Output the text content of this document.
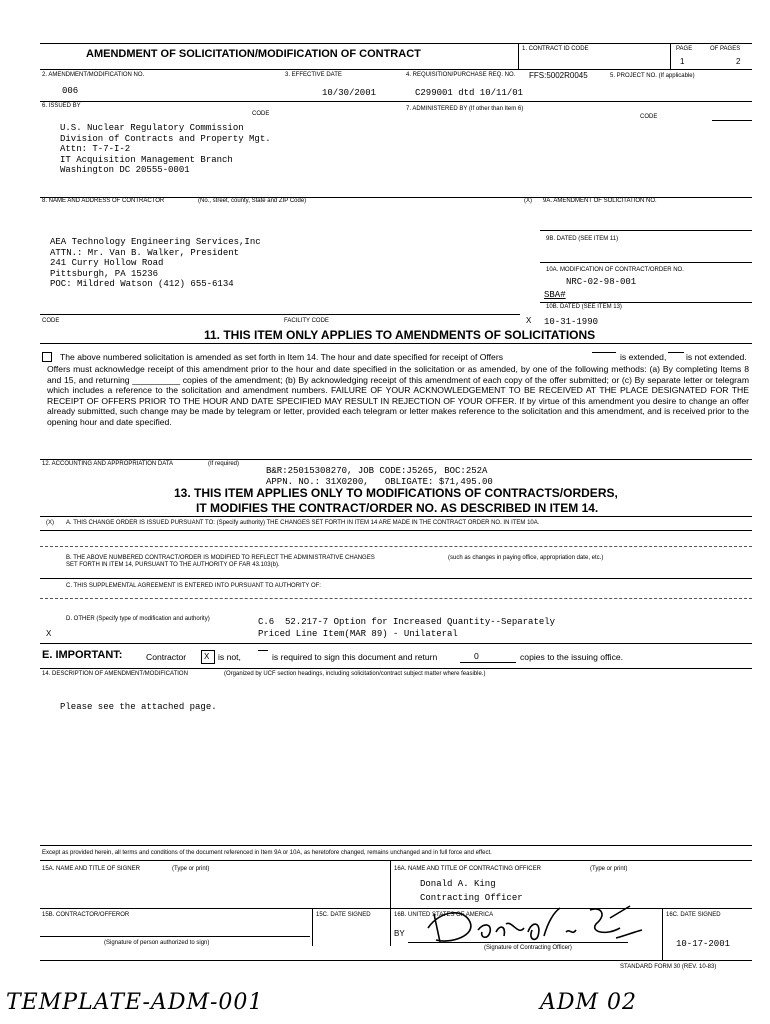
AMENDMENT OF SOLICITATION/MODIFICATION OF CONTRACT	1. CONTRACT ID CODE	PAGE	OF PAGES
1	2
2. AMENDMENT/MODIFICATION NO.	3. EFFECTIVE DATE	4. REQUISITION/PURCHASE REQ. NO. FFS:5002R0045	5. PROJECT NO. (If applicable)
006	10/30/2001	C299001 dtd 10/11/01
6. ISSUED BY
CODE
7. ADMINISTERED BY (If other than Item 6)
CODE
U.S. Nuclear Regulatory Commission
Division of Contracts and Property Mgt.
Attn: T-7-I-2
IT Acquisition Management Branch
Washington DC 20555-0001
8. NAME AND ADDRESS OF CONTRACTOR	(No., street, county, State and ZIP Code)	(X) 9A. AMENDMENT OF SOLICITATION NO.
AEA Technology Engineering Services,Inc
ATTN.: Mr. Van B. Walker, President
241 Curry Hollow Road
Pittsburgh, PA 15236
POC: Mildred Watson (412) 655-6134
9B. DATED (SEE ITEM 11)
10A. MODIFICATION OF CONTRACT/ORDER NO.
NRC-02-98-001
SBA#
10B. DATED (SEE ITEM 13)
X 10-31-1990
CODE	FACILITY CODE
11. THIS ITEM ONLY APPLIES TO AMENDMENTS OF SOLICITATIONS
The above numbered solicitation is amended as set forth in Item 14. The hour and date specified for receipt of Offers	is extended, is not extended.
Offers must acknowledge receipt of this amendment prior to the hour and date specified in the solicitation or as amended, by one of the following methods: (a) By completing Items 8 and 15, and returning __________ copies of the amendment; (b) By acknowledging receipt of this amendment of each copy of the offer submitted; or (c) By separate letter or telegram which includes a reference to the solicitation and amendment numbers. FAILURE OF YOUR ACKNOWLEDGEMENT TO BE RECEIVED AT THE PLACE DESIGNATED FOR THE RECEIPT OF OFFERS PRIOR TO THE HOUR AND DATE SPECIFIED MAY RESULT IN REJECTION OF YOUR OFFER. If by virtue of this amendment you desire to change an offer already submitted, such change may be made by telegram or letter, provided each telegram or letter makes reference to the solicitation and this amendment, and is received prior to the opening hour and date specified.
12. ACCOUNTING AND APPROPRIATION DATA	(If required)
B&R:25015308270, JOB CODE:J5265, BOC:252A
APPN. NO.: 31X0200,   OBLIGATE: $71,495.00
13. THIS ITEM APPLIES ONLY TO MODIFICATIONS OF CONTRACTS/ORDERS,
IT MODIFIES THE CONTRACT/ORDER NO. AS DESCRIBED IN ITEM 14.
(X) A. THIS CHANGE ORDER IS ISSUED PURSUANT TO: (Specify authority) THE CHANGES SET FORTH IN ITEM 14 ARE MADE IN THE CONTRACT ORDER NO. IN ITEM 10A.
B. THE ABOVE NUMBERED CONTRACT/ORDER IS MODIFIED TO REFLECT THE ADMINISTRATIVE CHANGES	(such as changes in paying office, appropriation date, etc.)
SET FORTH IN ITEM 14, PURSUANT TO THE AUTHORITY OF FAR 43.103(b).
C. THIS SUPPLEMENTAL AGREEMENT IS ENTERED INTO PURSUANT TO AUTHORITY OF:
D. OTHER (Specify type of modification and authority)	C.6  52.217-7 Option for Increased Quantity--Separately
X	Priced Line Item(MAR 89) - Unilateral
E. IMPORTANT:	Contractor X is not,	is required to sign this document and return	0	copies to the issuing office.
14. DESCRIPTION OF AMENDMENT/MODIFICATION	(Organized by UCF section headings, including solicitation/contract subject matter where feasible.)
Please see the attached page.
Except as provided herein, all terms and conditions of the document referenced in Item 9A or 10A, as heretofore changed, remains unchanged and in full force and effect.
15A. NAME AND TITLE OF SIGNER	(Type or print)	16A. NAME AND TITLE OF CONTRACTING OFFICER	(Type or print)
Donald A. King
Contracting Officer
15B. CONTRACTOR/OFFEROR	15C. DATE SIGNED	16B. UNITED STATES OF AMERICA	16C. DATE SIGNED
BY
(Signature of person authorized to sign)
(Signature of Contracting Officer)	10-17-2001
STANDARD FORM 30 (REV. 10-83)
TEMPLATE-ADM-001	ADM 02
